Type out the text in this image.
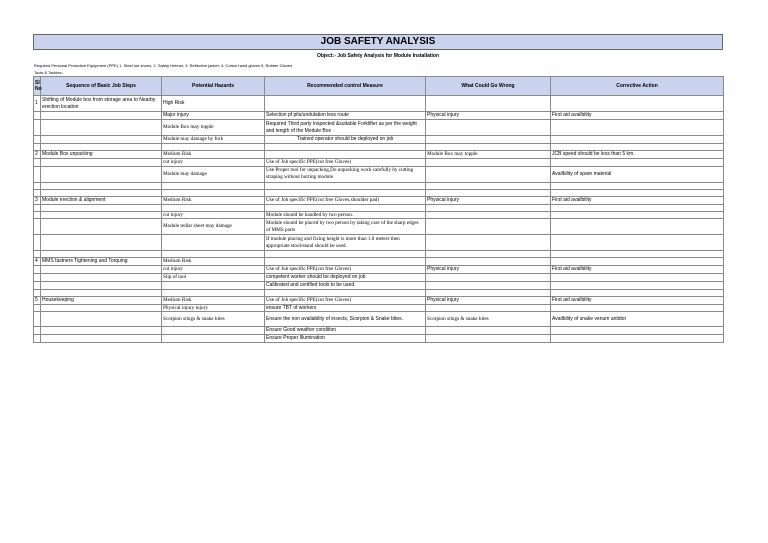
JOB SAFETY ANALYSIS
Object:- Job Safety Analysis for Module Installation
Required Personal Protective Equipment (PPE) 1. Steel toe shoes, 2. Safety Helmet, 3. Reflective jacket, 4. Cotton hand gloves 5. Rubber Gloves
Tools & Tackles:-
Sl No	Sequence of Basic Job Steps	Potential Hazards	Recommended control Measure	What Could Go Wrong	Corrective Action
1	Shifting of Module box from storage area to Nearby erection location	High Risk			
		Major injury	Selection pf pits/undulation less route	Physical injury	First aid availbility
		Module Box may topple	Required Third party Inspected &suitable Forklifter as per the weight and length of the Module Box		
		Module may damage by fork	Trained operator should be deployed on job		

2	Module Box unpacking	Medium Risk		Module Box may topple	JCB speed should be less than 5 km.
		cut injury	Use of Job specific PPE(cut free Gloves)		
		Module may damage	Use Proper tool for unpacking,Do unpacking work carefully by cutting straping without hurting module		Availbility of spare material

3	Module erection & alignment	Medium Risk	Use of Job specific PPE(cut free Gloves,shoulder pad)	Physical injury	First aid availbility

		cut injury	Module should be handled by two person.		
		Module tedlar sheet may damage	Module should be placed by two person by taking care of the sharp edges of MMS parts		
			If module placing and fixing height is more than 1.8 meters then appropriate stool/stand should be used.		

4	MMS fastners Tightening and Torquing	Medium Risk			
		cut injury	Use of Job specific PPE(cut free Gloves)	Physical injury	First aid availbility
		Slip of tool	competent worker should be deployed on job		
			Calibrated and certified tools to be used.		

5	Housekeeping	Medium Risk	Use of Job specific PPE(cut free Gloves)	Physical injury	First aid availbility
		Physical injury injury	ensure TBT of workers		
		Scorpion stings & snake bites	Ensure the non availability of insects, Scorpion & Snake bites.	Scorpion stings & snake bites	Availbility of snake venum antidot
			Ensure Good weather condition		
			Ensure Proper Illumination		
